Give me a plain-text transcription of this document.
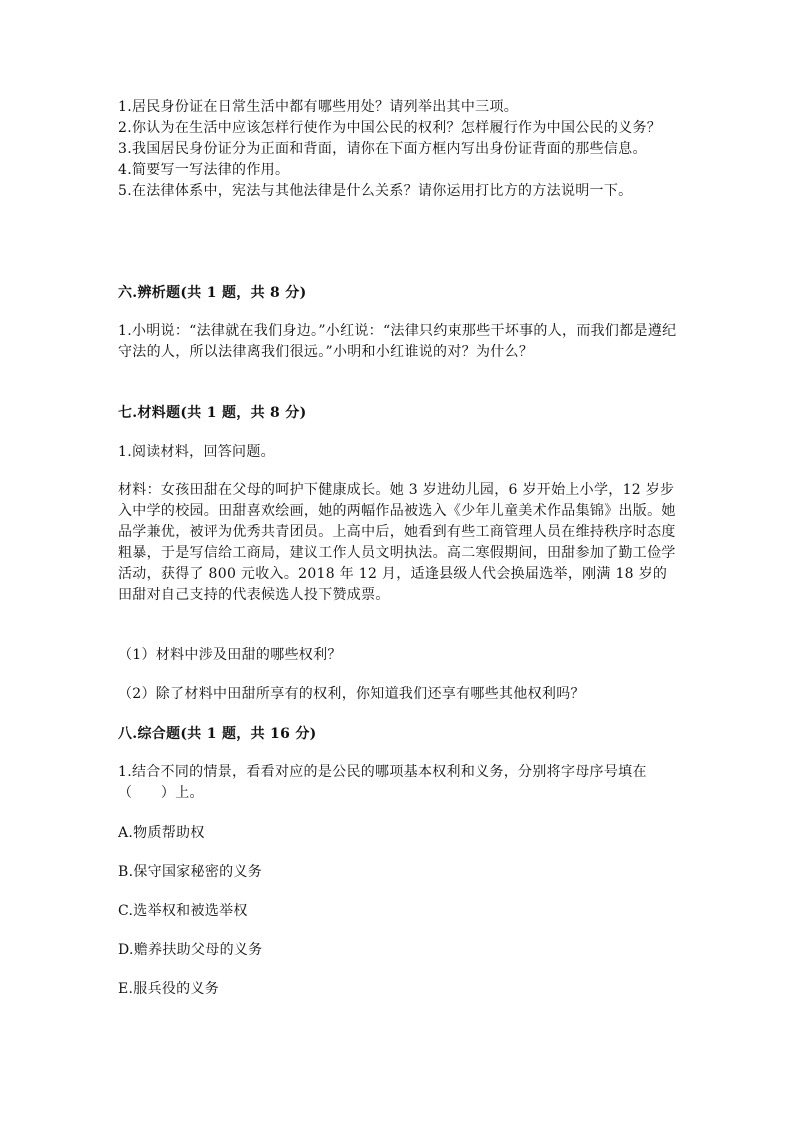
1.居民身份证在日常生活中都有哪些用处？请列举出其中三项。
2.你认为在生活中应该怎样行使作为中国公民的权利？怎样履行作为中国公民的义务？
3.我国居民身份证分为正面和背面，请你在下面方框内写出身份证背面的那些信息。
4.简要写一写法律的作用。
5.在法律体系中，宪法与其他法律是什么关系？请你运用打比方的方法说明一下。
六.辨析题(共 1 题，共 8 分)
1.小明说：“法律就在我们身边。”小红说：“法律只约束那些干坏事的人，而我们都是遵纪守法的人，所以法律离我们很远。”小明和小红谁说的对？为什么？
七.材料题(共 1 题，共 8 分)
1.阅读材料，回答问题。
材料：女孩田甜在父母的呵护下健康成长。她 3 岁进幼儿园，6 岁开始上小学，12 岁步入中学的校园。田甜喜欢绘画，她的两幅作品被选入《少年儿童美术作品集锦》出版。她品学兼优，被评为优秀共青团员。上高中后，她看到有些工商管理人员在维持秩序时态度粗暴，于是写信给工商局，建议工作人员文明执法。高二寒假期间，田甜参加了勤工俭学活动，获得了 800 元收入。2018 年 12 月，适逢县级人代会换届选举，刚满 18 岁的田甜对自己支持的代表候选人投下赞成票。
（1）材料中涉及田甜的哪些权利？
（2）除了材料中田甜所享有的权利，你知道我们还享有哪些其他权利吗？
八.综合题(共 1 题，共 16 分)
1.结合不同的情景，看看对应的是公民的哪项基本权利和义务，分别将字母序号填在（　　）上。
A.物质帮助权
B.保守国家秘密的义务
C.选举权和被选举权
D.赡养扶助父母的义务
E.服兵役的义务
